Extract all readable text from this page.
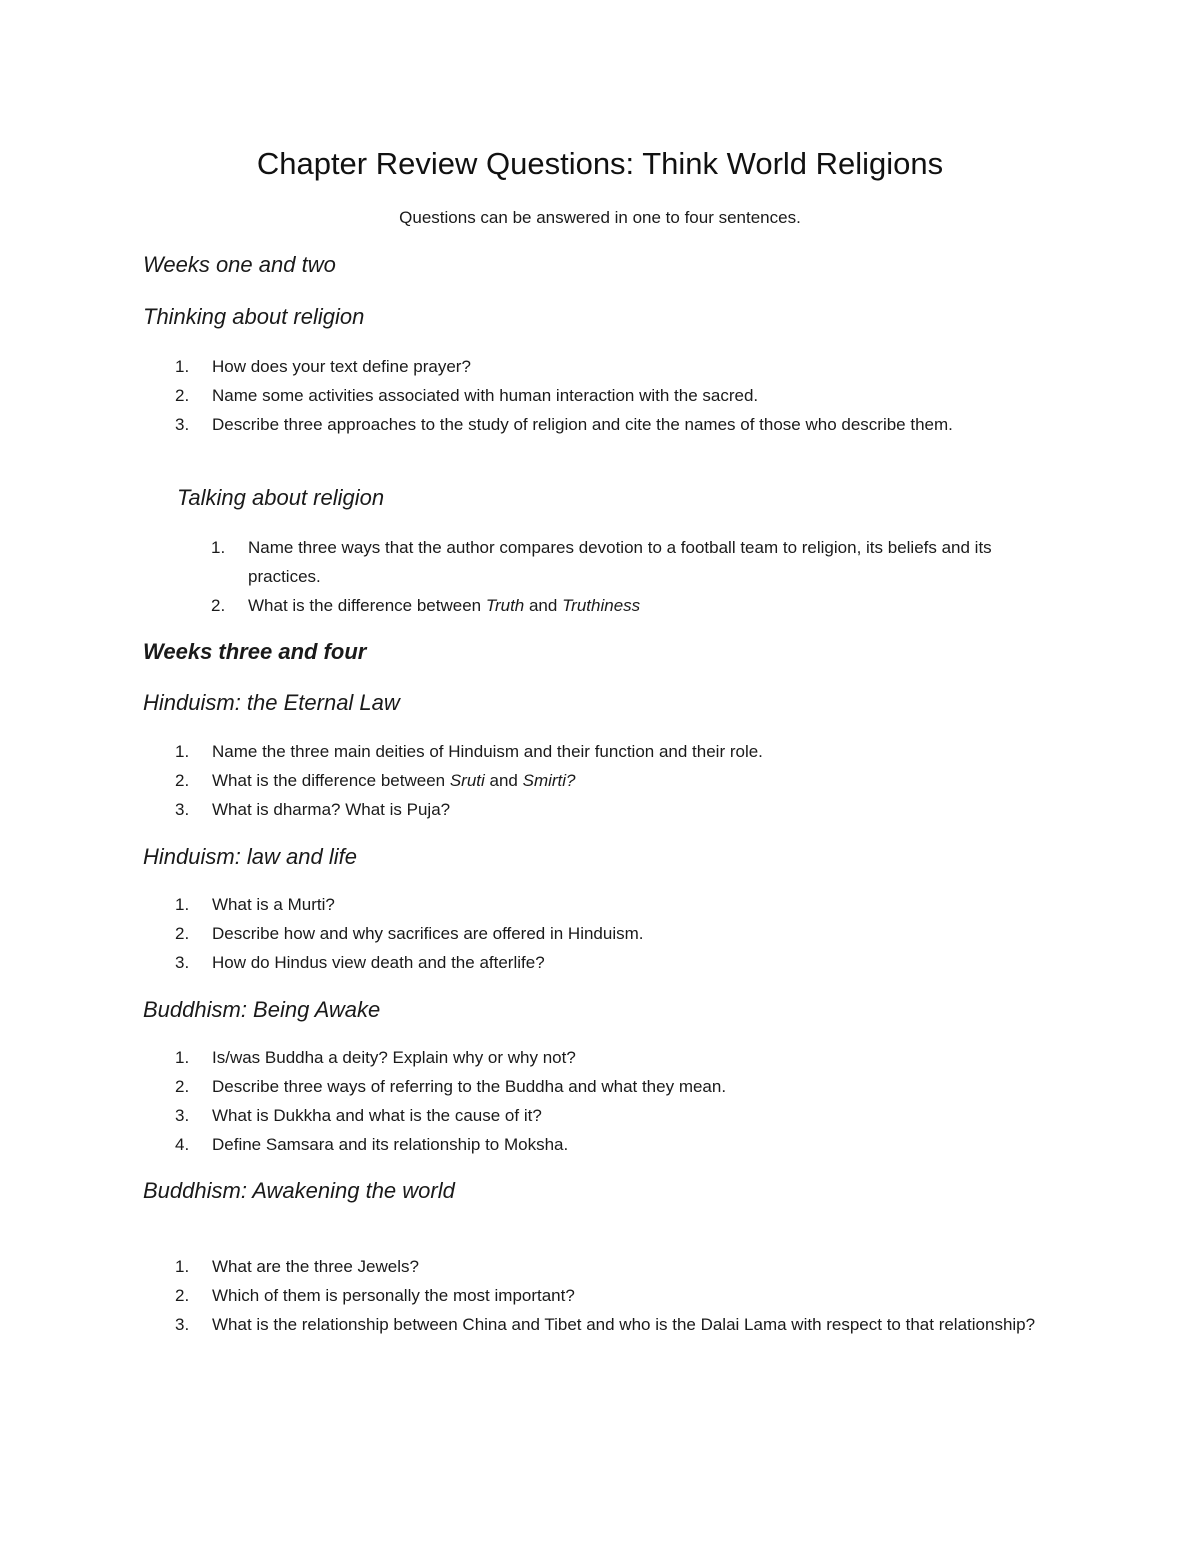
Chapter Review Questions: Think World Religions
Questions can be answered in one to four sentences.
Weeks one and two
Thinking about religion
1. How does your text define prayer?
2. Name some activities associated with human interaction with the sacred.
3. Describe three approaches to the study of religion and cite the names of those who describe them.
Talking about religion
1. Name three ways that the author compares devotion to a football team to religion, its beliefs and its practices.
2. What is the difference between Truth and Truthiness
Weeks three and four
Hinduism: the Eternal Law
1. Name the three main deities of Hinduism and their function and their role.
2. What is the difference between Sruti and Smirti?
3. What is dharma? What is Puja?
Hinduism: law and life
1. What is a Murti?
2. Describe how and why sacrifices are offered in Hinduism.
3. How do Hindus view death and the afterlife?
Buddhism: Being Awake
1. Is/was Buddha a deity? Explain why or why not?
2. Describe three ways of referring to the Buddha and what they mean.
3. What is Dukkha and what is the cause of it?
4. Define Samsara and its relationship to Moksha.
Buddhism: Awakening the world
1. What are the three Jewels?
2. Which of them is personally the most important?
3. What is the relationship between China and Tibet and who is the Dalai Lama with respect to that relationship?
